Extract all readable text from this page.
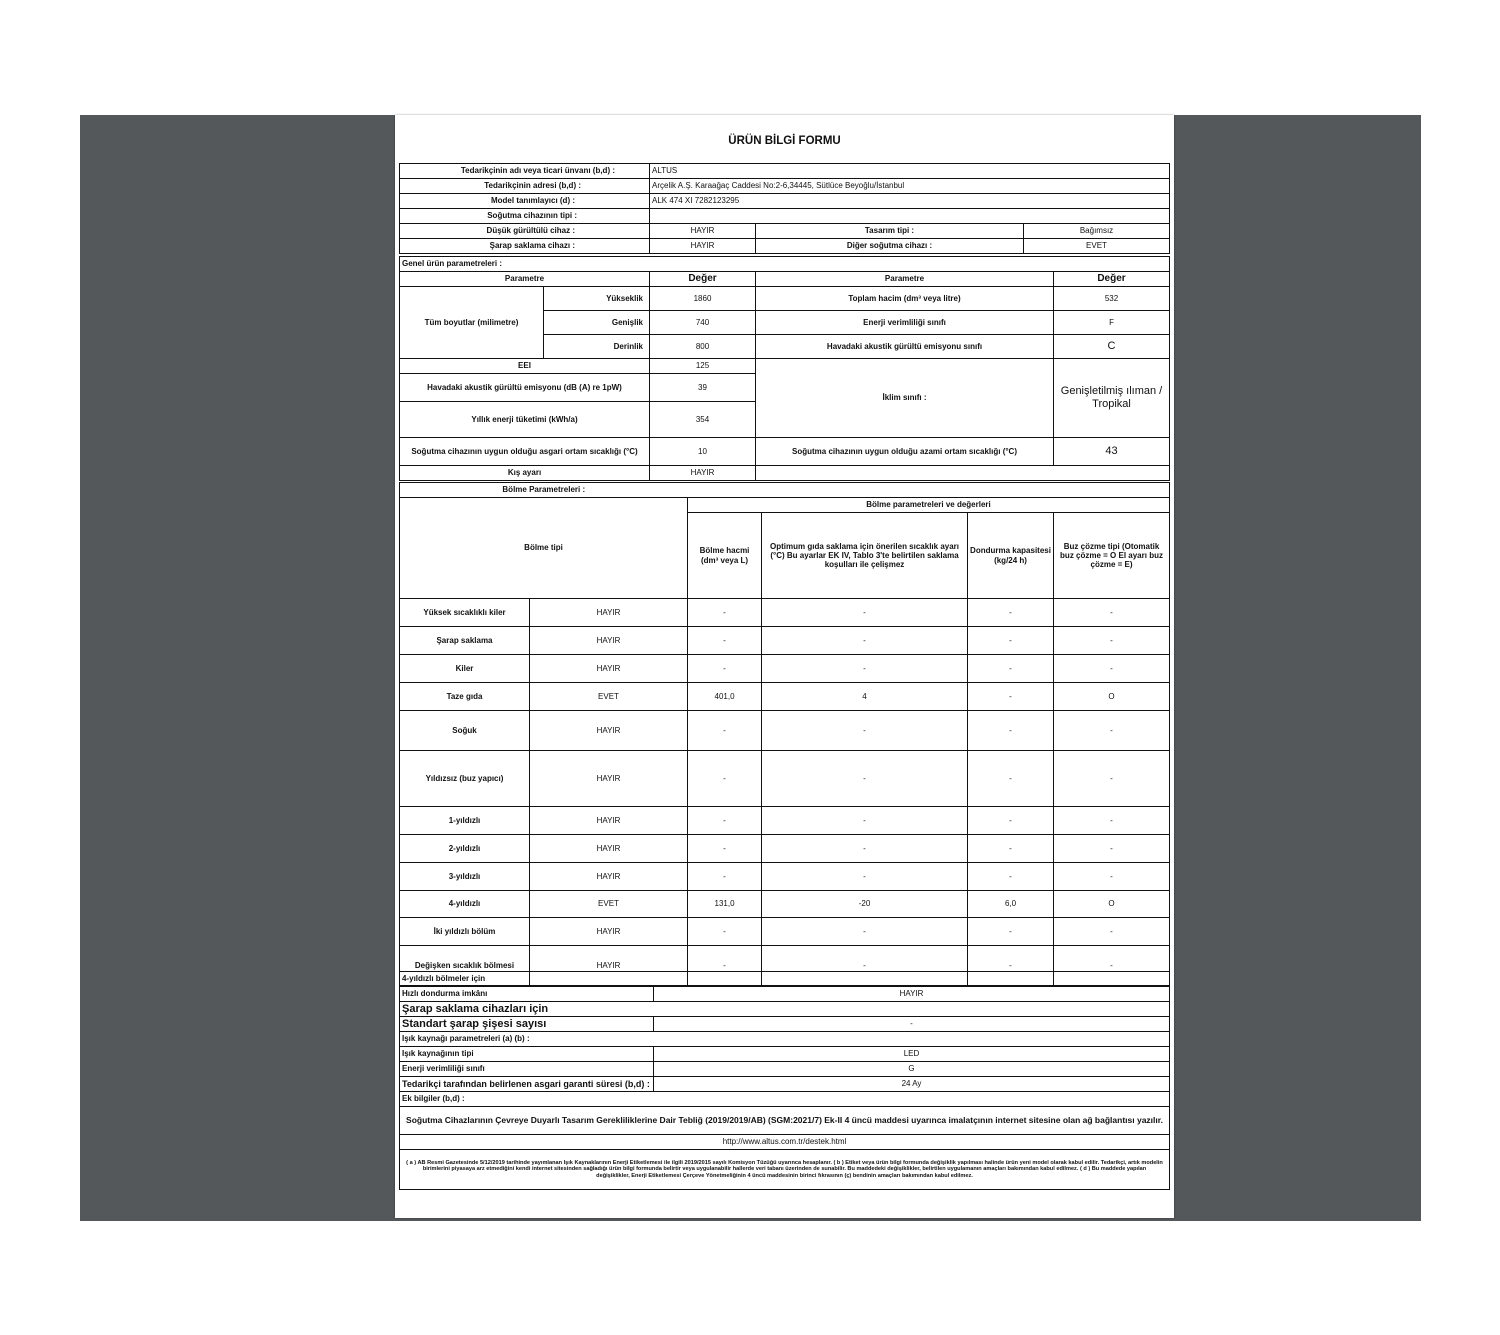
ÜRÜN BİLGİ FORMU
Tedarikçinin adı veya ticari ünvanı (b,d) :	ALTUS		
Tedarikçinin adresi (b,d) :	Arçelik A.Ş. Karaağaç Caddesi No:2-6,34445, Sütlüce Beyoğlu/İstanbul		
Model tanımlayıcı (d) :	ALK 474 XI 7282123295		
Soğutma cihazının tipi :			
Düşük gürültülü cihaz :	HAYIR	Tasarım tipi :	Bağımsız
Şarap saklama cihazı :	HAYIR	Diğer soğutma cihazı :	EVET
Genel ürün parametreleri :				
Parametre		Değer	Parametre	Değer
Tüm boyutlar (milimetre)	Yükseklik	1860	Toplam hacim (dm³ veya litre)	532
	Genişlik	740	Enerji verimliliği sınıfı	F
	Derinlik	800	Havadaki akustik gürültü emisyonu sınıfı	C
EEI		125	İklim sınıfı :	Genişletilmiş ılıman / Tropikal
Havadaki akustik gürültü emisyonu (dB (A) re 1pW)		39		
Yıllık enerji tüketimi (kWh/a)		354		
Soğutma cihazının uygun olduğu asgari ortam sıcaklığı (°C)		10	Soğutma cihazının uygun olduğu azami ortam sıcaklığı (°C)	43
Kış ayarı		HAYIR		
Bölme Parametreleri :					
Bölme tipi		Bölme parametreleri ve değerleri			
		Bölme hacmi (dm³ veya L)	Optimum gıda saklama için önerilen sıcaklık ayarı (°C) Bu ayarlar EK IV, Tablo 3'te belirtilen saklama koşulları ile çelişmez	Dondurma kapasitesi (kg/24 h)	Buz çözme tipi (Otomatik buz çözme = O El ayarı buz çözme = E)
Yüksek sıcaklıklı kiler	HAYIR	-	-	-	-
Şarap saklama	HAYIR	-	-	-	-
Kiler	HAYIR	-	-	-	-
Taze gıda	EVET	401,0	4	-	O
Soğuk	HAYIR	-	-	-	-
Yıldızsız (buz yapıcı)	HAYIR	-	-	-	-
1-yıldızlı	HAYIR	-	-	-	-
2-yıldızlı	HAYIR	-	-	-	-
3-yıldızlı	HAYIR	-	-	-	-
4-yıldızlı	EVET	131,0	-20	6,0	O
İki yıldızlı bölüm	HAYIR	-	-	-	-
Değişken sıcaklık bölmesi	HAYIR	-	-	-	-
4-yıldızlı bölmeler için	
Hızlı dondurma imkânı	HAYIR
Şarap saklama cihazları için	
Standart şarap şişesi sayısı	-
Işık kaynağı parametreleri (a) (b) :	
Işık kaynağının tipi	LED
Enerji verimliliği sınıfı	G
Tedarikçi tarafından belirlenen asgari garanti süresi (b,d) :	24 Ay
Ek bilgiler (b,d) :	
Soğutma Cihazlarının Çevreye Duyarlı Tasarım Gerekliliklerine Dair Tebliğ (2019/2019/AB) (SGM:2021/7) Ek-II 4 üncü maddesi uyarınca imalatçının internet sitesine olan ağ bağlantısı yazılır.	
http://www.altus.com.tr/destek.html	
( a ) AB Resmi Gazetesinde 5/12/2019 tarihinde yayımlanan Işık Kaynaklarının Enerji Etiketlemesi ile ilgili 2019/2015 sayılı Komisyon Tüzüğü uyarınca hesaplanır. ( b ) Etiket veya ürün bilgi formunda değişiklik yapılması halinde ürün yeni model olarak kabul edilir. Tedarikçi, artık modelin birimlerini piyasaya arz etmediğini kendi internet sitesinden sağladığı ürün bilgi formunda belirtir veya uygulanabilir hallerde veri tabanı üzerinden de sunabilir. Bu maddedeki değişiklikler, belirtilen uygulamanın amaçları bakımından kabul edilmez. ( d ) Bu maddede yapılan değişiklikler, Enerji Etiketlemesi Çerçeve Yönetmeliğinin 4 üncü maddesinin birinci fıkrasının (ç) bendinin amaçları bakımından kabul edilmez.	
